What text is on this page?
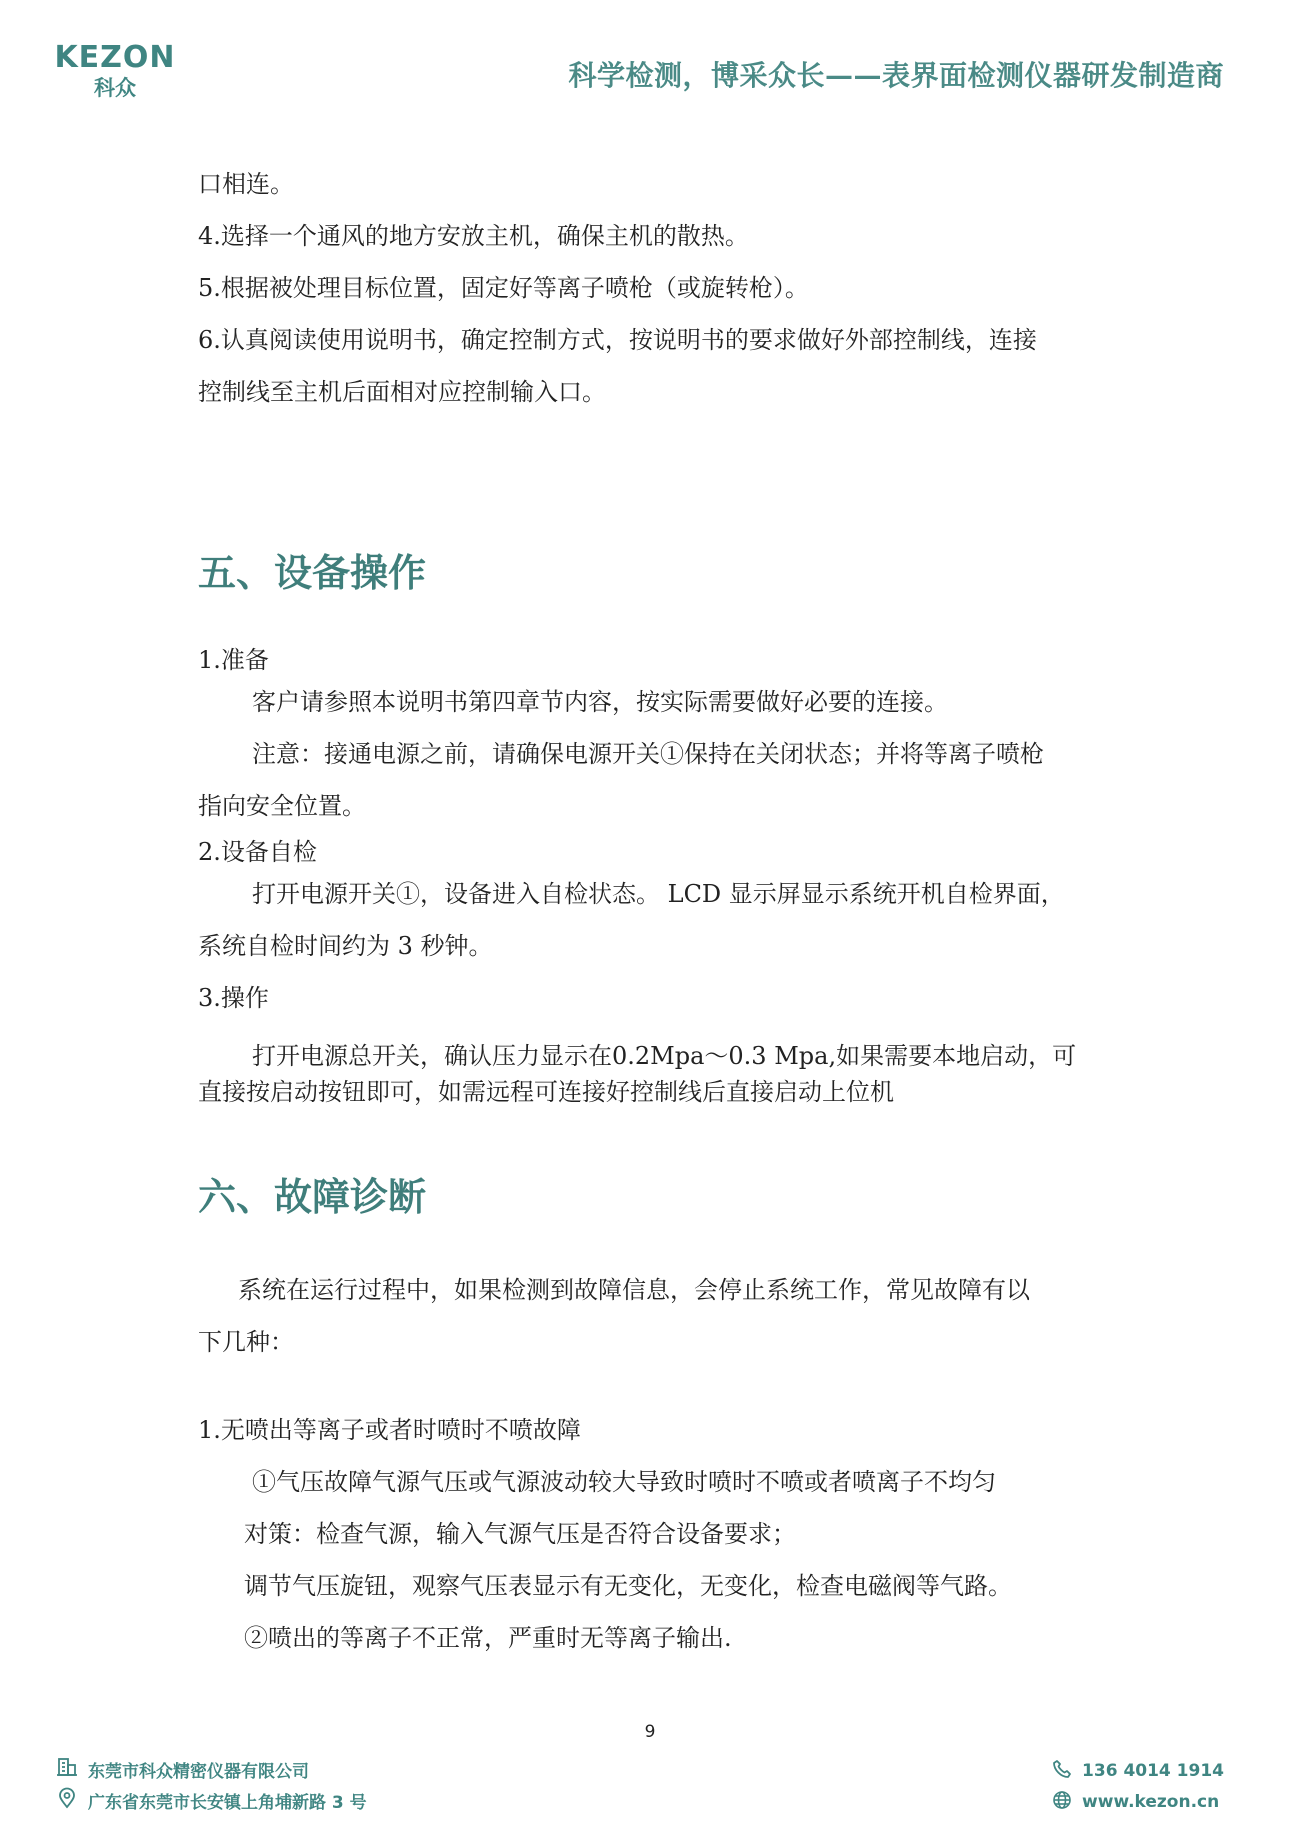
KEZON
科众	科学检测，博采众长——表界面检测仪器研发制造商
口相连。
4.选择一个通风的地方安放主机，确保主机的散热。
5.根据被处理目标位置，固定好等离子喷枪（或旋转枪）。
6.认真阅读使用说明书，确定控制方式，按说明书的要求做好外部控制线，连接
控制线至主机后面相对应控制输入口。
五、设备操作
1.准备
客户请参照本说明书第四章节内容，按实际需要做好必要的连接。
注意：接通电源之前，请确保电源开关①保持在关闭状态；并将等离子喷枪
指向安全位置。
2.设备自检
打开电源开关①，设备进入自检状态。 LCD 显示屏显示系统开机自检界面，
系统自检时间约为 3 秒钟。
3.操作
打开电源总开关，确认压力显示在0.2Mpa～0.3 Mpa,如果需要本地启动，可
直接按启动按钮即可，如需远程可连接好控制线后直接启动上位机
六、故障诊断
系统在运行过程中，如果检测到故障信息，会停止系统工作，常见故障有以
下几种：
1.无喷出等离子或者时喷时不喷故障
①气压故障气源气压或气源波动较大导致时喷时不喷或者喷离子不均匀
对策：检查气源，输入气源气压是否符合设备要求；
调节气压旋钮，观察气压表显示有无变化，无变化，检查电磁阀等气路。
②喷出的等离子不正常，严重时无等离子输出.
9
东莞市科众精密仪器有限公司
广东省东莞市长安镇上角埔新路 3 号
136 4014 1914
www.kezon.cn
